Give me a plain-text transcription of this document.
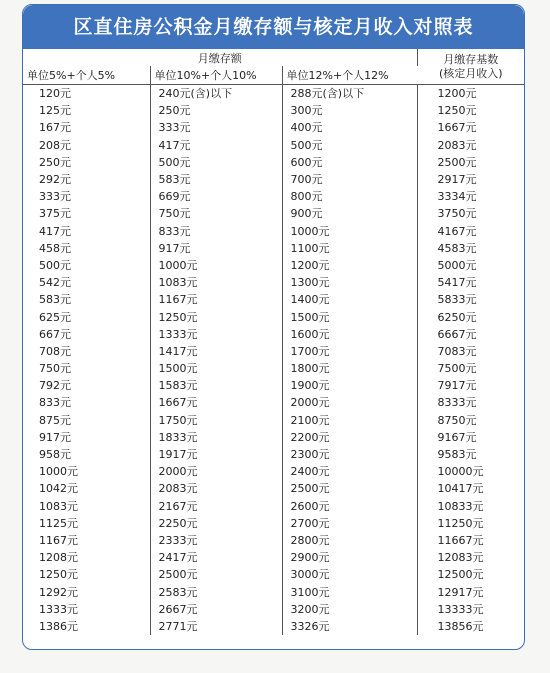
区直住房公积金月缴存额与核定月收入对照表
月缴存额			月缴存基数
(核定月收入)

单位5%+个人5%	单位10%+个人10%	单位12%+个人12%	
120元	240元(含)以下	288元(含)以下	1200元
125元	250元	300元	1250元
167元	333元	400元	1667元
208元	417元	500元	2083元
250元	500元	600元	2500元
292元	583元	700元	2917元
333元	669元	800元	3334元
375元	750元	900元	3750元
417元	833元	1000元	4167元
458元	917元	1100元	4583元
500元	1000元	1200元	5000元
542元	1083元	1300元	5417元
583元	1167元	1400元	5833元
625元	1250元	1500元	6250元
667元	1333元	1600元	6667元
708元	1417元	1700元	7083元
750元	1500元	1800元	7500元
792元	1583元	1900元	7917元
833元	1667元	2000元	8333元
875元	1750元	2100元	8750元
917元	1833元	2200元	9167元
958元	1917元	2300元	9583元
1000元	2000元	2400元	10000元
1042元	2083元	2500元	10417元
1083元	2167元	2600元	10833元
1125元	2250元	2700元	11250元
1167元	2333元	2800元	11667元
1208元	2417元	2900元	12083元
1250元	2500元	3000元	12500元
1292元	2583元	3100元	12917元
1333元	2667元	3200元	13333元
1386元	2771元	3326元	13856元
